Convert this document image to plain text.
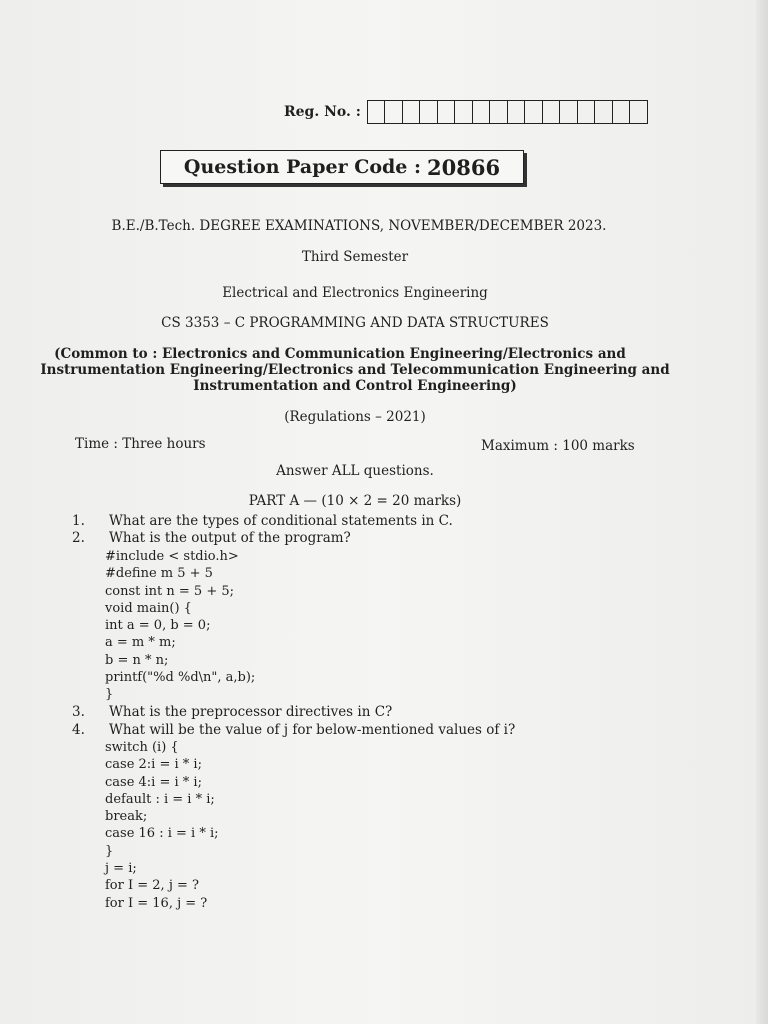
Reg. No. :
Question Paper Code : 20866
B.E./B.Tech. DEGREE EXAMINATIONS, NOVEMBER/DECEMBER 2023.
Third Semester
Electrical and Electronics Engineering
CS 3353 – C PROGRAMMING AND DATA STRUCTURES
(Common to : Electronics and Communication Engineering/Electronics and
Instrumentation Engineering/Electronics and Telecommunication Engineering and
Instrumentation and Control Engineering)
(Regulations – 2021)
Time : Three hours	Maximum : 100 marks
Answer ALL questions.
PART A — (10 × 2 = 20 marks)
1.	What are the types of conditional statements in C.
2.	What is the output of the program?
#include < stdio.h>
#define m 5 + 5
const int n = 5 + 5;
void main() {
int a = 0, b = 0;
a = m * m;
b = n * n;
printf("%d %d\n", a,b);
}
3.	What is the preprocessor directives in C?
4.	What will be the value of j for below-mentioned values of i?
switch (i) {
case 2:i = i * i;
case 4:i = i * i;
default : i = i * i;
break;
case 16 : i = i * i;
}
j = i;
for I = 2, j = ?
for I = 16, j = ?
